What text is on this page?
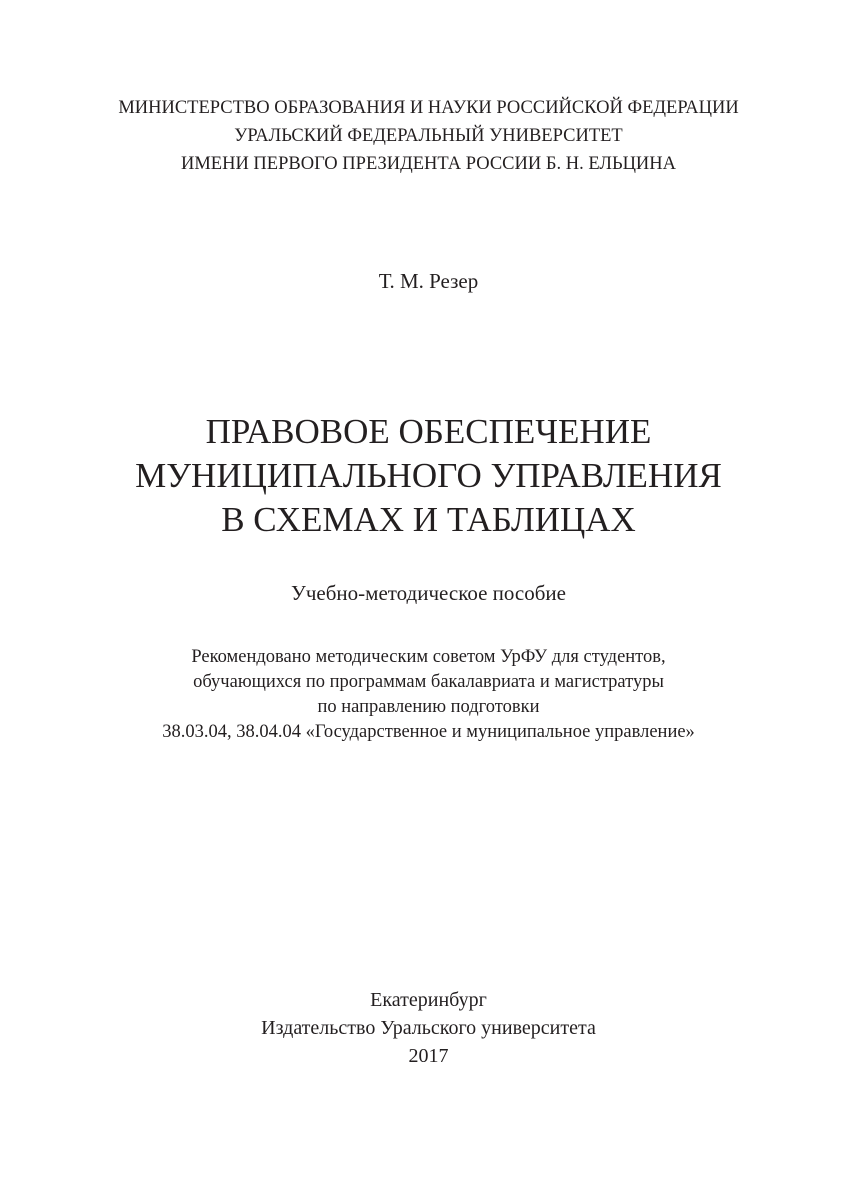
МИНИСТЕРСТВО ОБРАЗОВАНИЯ И НАУКИ РОССИЙСКОЙ ФЕДЕРАЦИИ
УРАЛЬСКИЙ ФЕДЕРАЛЬНЫЙ УНИВЕРСИТЕТ
ИМЕНИ ПЕРВОГО ПРЕЗИДЕНТА РОССИИ Б. Н. ЕЛЬЦИНА
Т. М. Резер
ПРАВОВОЕ ОБЕСПЕЧЕНИЕ
МУНИЦИПАЛЬНОГО УПРАВЛЕНИЯ
В СХЕМАХ И ТАБЛИЦАХ
Учебно-методическое пособие
Рекомендовано методическим советом УрФУ для студентов,
обучающихся по программам бакалавриата и магистратуры
по направлению подготовки
38.03.04, 38.04.04 «Государственное и муниципальное управление»
Екатеринбург
Издательство Уральского университета
2017
